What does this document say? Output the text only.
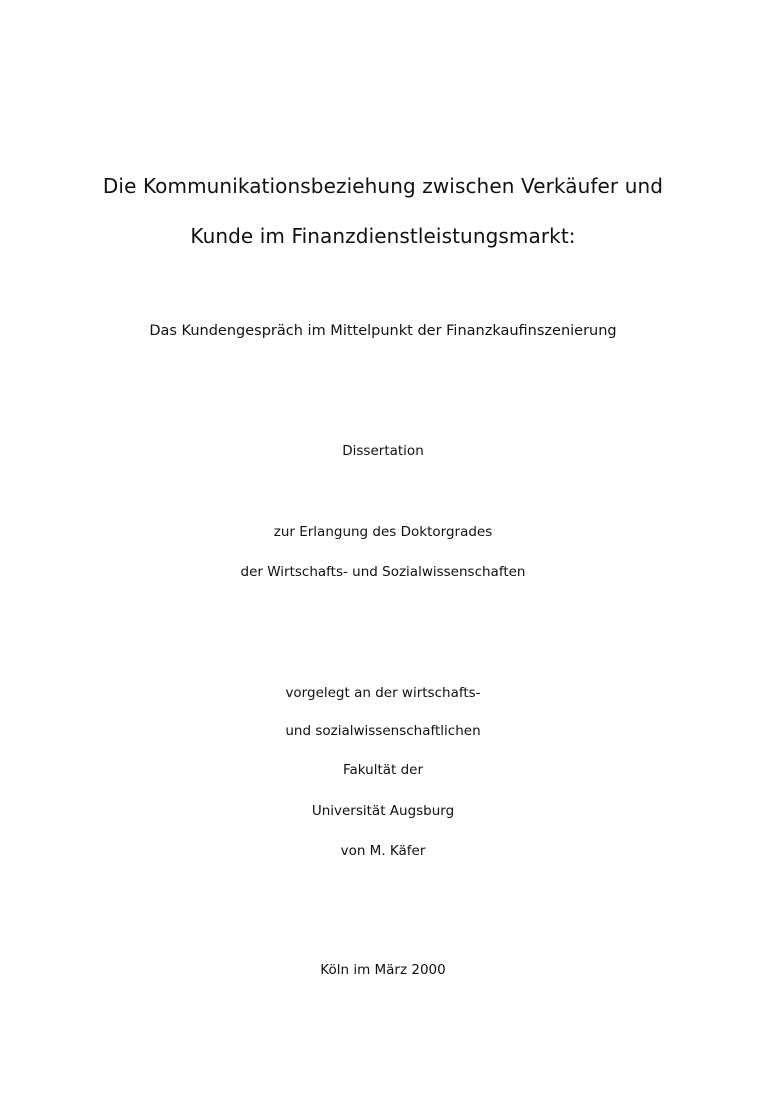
Die Kommunikationsbeziehung zwischen Verkäufer und
Kunde im Finanzdienstleistungsmarkt:
Das Kundengespräch im Mittelpunkt der Finanzkaufinszenierung
Dissertation
zur Erlangung des Doktorgrades
der Wirtschafts- und Sozialwissenschaften
vorgelegt an der wirtschafts-
und sozialwissenschaftlichen
Fakultät der
Universität Augsburg
von M. Käfer
Köln im März 2000
